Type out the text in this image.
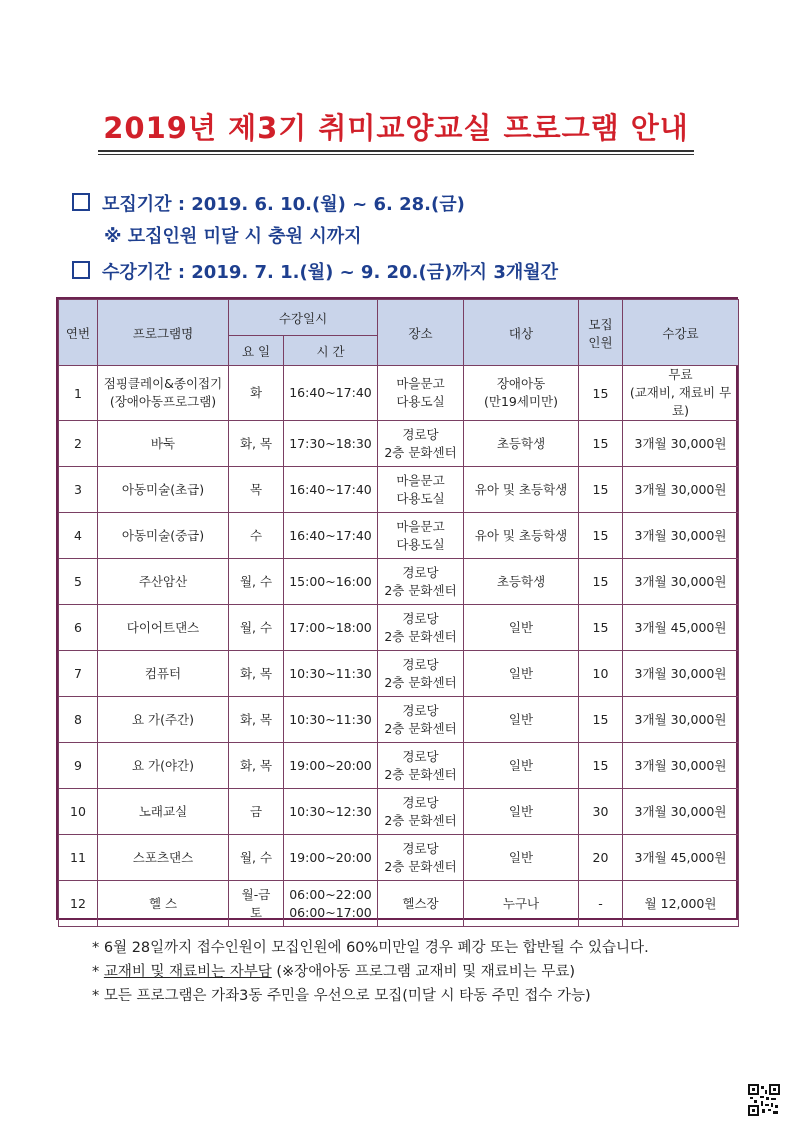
2019년 제3기 취미교양교실 프로그램 안내
모집기간 : 2019. 6. 10.(월) ~ 6. 28.(금)
※ 모집인원 미달 시 충원 시까지
수강기간 : 2019. 7. 1.(월) ~ 9. 20.(금)까지 3개월간
연번	프로그램명	수강일시		장소	대상	모집
인원	수강료
		요 일	시 간				
1	점핑클레이&종이접기
(장애아동프로그램)	화	16:40~17:40	마을문고
다용도실	장애아동
(만19세미만)	15	무료
(교재비, 재료비 무료)
2	바둑	화, 목	17:30~18:30	경로당
2층 문화센터	초등학생	15	3개월 30,000원
3	아동미술(초급)	목	16:40~17:40	마을문고
다용도실	유아 및 초등학생	15	3개월 30,000원
4	아동미술(중급)	수	16:40~17:40	마을문고
다용도실	유아 및 초등학생	15	3개월 30,000원
5	주산암산	월, 수	15:00~16:00	경로당
2층 문화센터	초등학생	15	3개월 30,000원
6	다이어트댄스	월, 수	17:00~18:00	경로당
2층 문화센터	일반	15	3개월 45,000원
7	컴퓨터	화, 목	10:30~11:30	경로당
2층 문화센터	일반	10	3개월 30,000원
8	요 가(주간)	화, 목	10:30~11:30	경로당
2층 문화센터	일반	15	3개월 30,000원
9	요 가(야간)	화, 목	19:00~20:00	경로당
2층 문화센터	일반	15	3개월 30,000원
10	노래교실	금	10:30~12:30	경로당
2층 문화센터	일반	30	3개월 30,000원
11	스포츠댄스	월, 수	19:00~20:00	경로당
2층 문화센터	일반	20	3개월 45,000원
12	헬 스	월-금
토	06:00~22:00
06:00~17:00	헬스장	누구나	-	월 12,000원
* 6월 28일까지 접수인원이 모집인원에 60%미만일 경우 폐강 또는 합반될 수 있습니다.
* 교재비 및 재료비는 자부담 (※장애아동 프로그램 교재비 및 재료비는 무료)
* 모든 프로그램은 가좌3동 주민을 우선으로 모집(미달 시 타동 주민 접수 가능)
